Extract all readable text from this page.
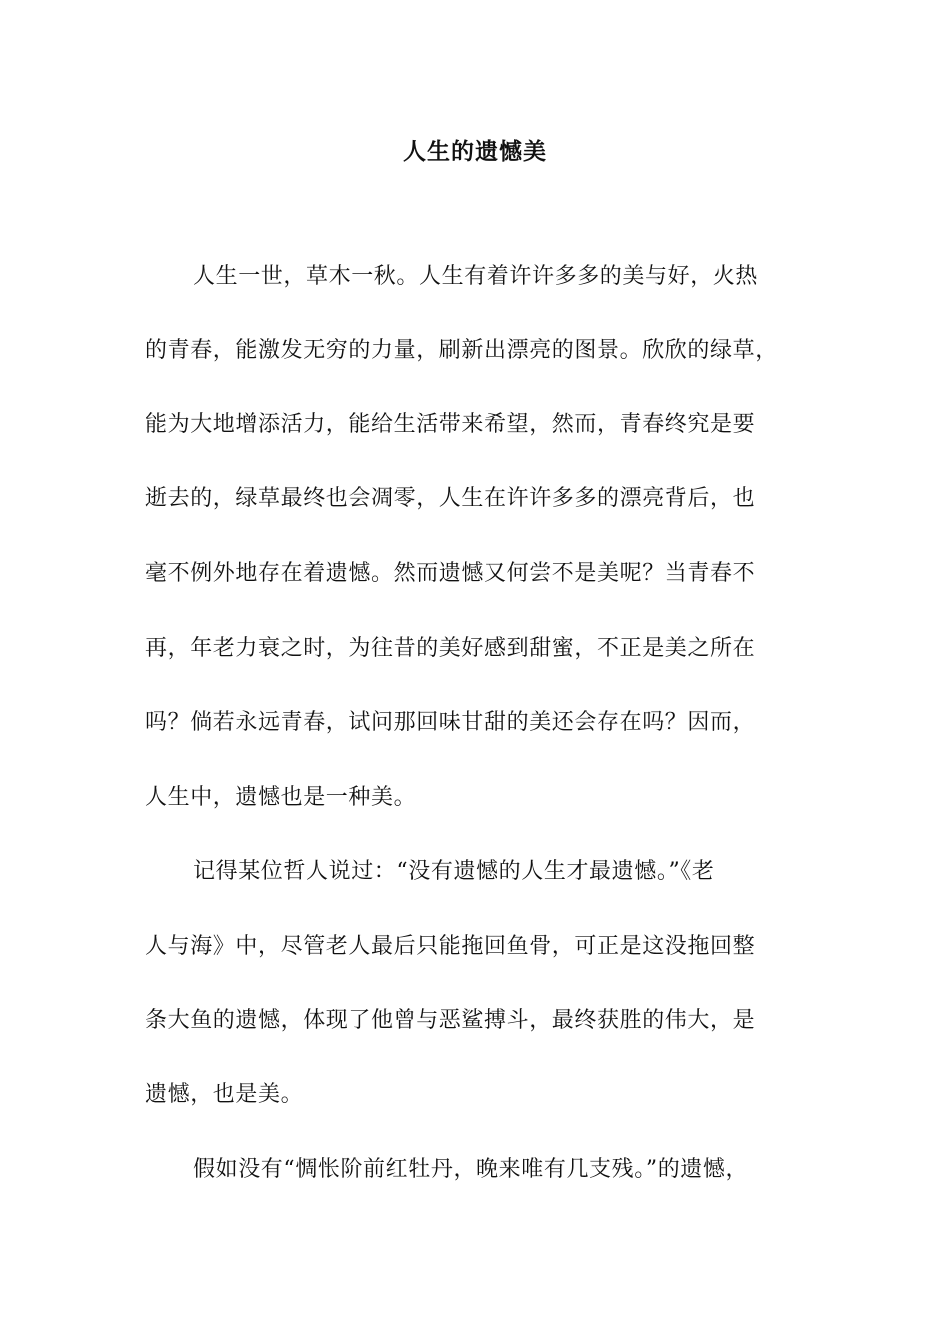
人生的遗憾美
人生一世，草木一秋。人生有着许许多多的美与好，火热
的青春，能激发无穷的力量，刷新出漂亮的图景。欣欣的绿草，
能为大地增添活力，能给生活带来希望，然而，青春终究是要
逝去的，绿草最终也会凋零，人生在许许多多的漂亮背后，也
毫不例外地存在着遗憾。然而遗憾又何尝不是美呢？当青春不
再，年老力衰之时，为往昔的美好感到甜蜜，不正是美之所在
吗？倘若永远青春，试问那回味甘甜的美还会存在吗？因而，
人生中，遗憾也是一种美。
记得某位哲人说过：“没有遗憾的人生才最遗憾。”《老
人与海》中，尽管老人最后只能拖回鱼骨，可正是这没拖回整
条大鱼的遗憾，体现了他曾与恶鲨搏斗，最终获胜的伟大，是
遗憾，也是美。
假如没有“惆怅阶前红牡丹，晚来唯有几支残。”的遗憾，
